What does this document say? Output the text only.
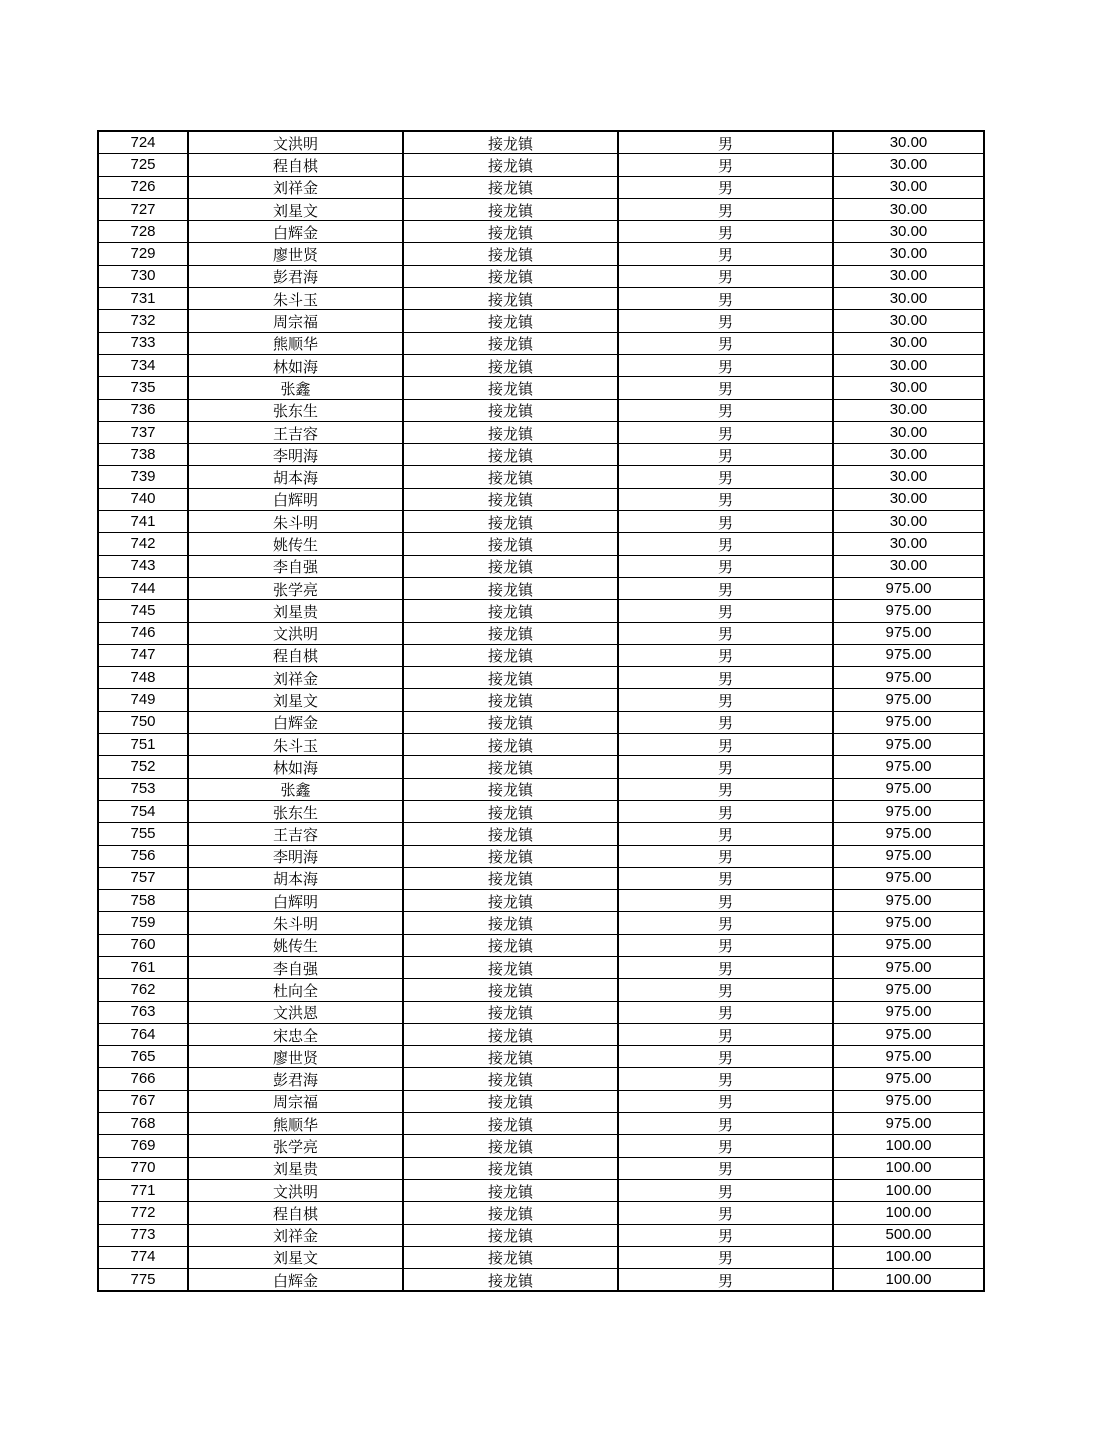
724	文洪明	接龙镇	男	30.00
725	程自棋	接龙镇	男	30.00
726	刘祥金	接龙镇	男	30.00
727	刘星文	接龙镇	男	30.00
728	白辉金	接龙镇	男	30.00
729	廖世贤	接龙镇	男	30.00
730	彭君海	接龙镇	男	30.00
731	朱斗玉	接龙镇	男	30.00
732	周宗福	接龙镇	男	30.00
733	熊顺华	接龙镇	男	30.00
734	林如海	接龙镇	男	30.00
735	张鑫	接龙镇	男	30.00
736	张东生	接龙镇	男	30.00
737	王吉容	接龙镇	男	30.00
738	李明海	接龙镇	男	30.00
739	胡本海	接龙镇	男	30.00
740	白辉明	接龙镇	男	30.00
741	朱斗明	接龙镇	男	30.00
742	姚传生	接龙镇	男	30.00
743	李自强	接龙镇	男	30.00
744	张学亮	接龙镇	男	975.00
745	刘星贵	接龙镇	男	975.00
746	文洪明	接龙镇	男	975.00
747	程自棋	接龙镇	男	975.00
748	刘祥金	接龙镇	男	975.00
749	刘星文	接龙镇	男	975.00
750	白辉金	接龙镇	男	975.00
751	朱斗玉	接龙镇	男	975.00
752	林如海	接龙镇	男	975.00
753	张鑫	接龙镇	男	975.00
754	张东生	接龙镇	男	975.00
755	王吉容	接龙镇	男	975.00
756	李明海	接龙镇	男	975.00
757	胡本海	接龙镇	男	975.00
758	白辉明	接龙镇	男	975.00
759	朱斗明	接龙镇	男	975.00
760	姚传生	接龙镇	男	975.00
761	李自强	接龙镇	男	975.00
762	杜向全	接龙镇	男	975.00
763	文洪恩	接龙镇	男	975.00
764	宋忠全	接龙镇	男	975.00
765	廖世贤	接龙镇	男	975.00
766	彭君海	接龙镇	男	975.00
767	周宗福	接龙镇	男	975.00
768	熊顺华	接龙镇	男	975.00
769	张学亮	接龙镇	男	100.00
770	刘星贵	接龙镇	男	100.00
771	文洪明	接龙镇	男	100.00
772	程自棋	接龙镇	男	100.00
773	刘祥金	接龙镇	男	500.00
774	刘星文	接龙镇	男	100.00
775	白辉金	接龙镇	男	100.00
